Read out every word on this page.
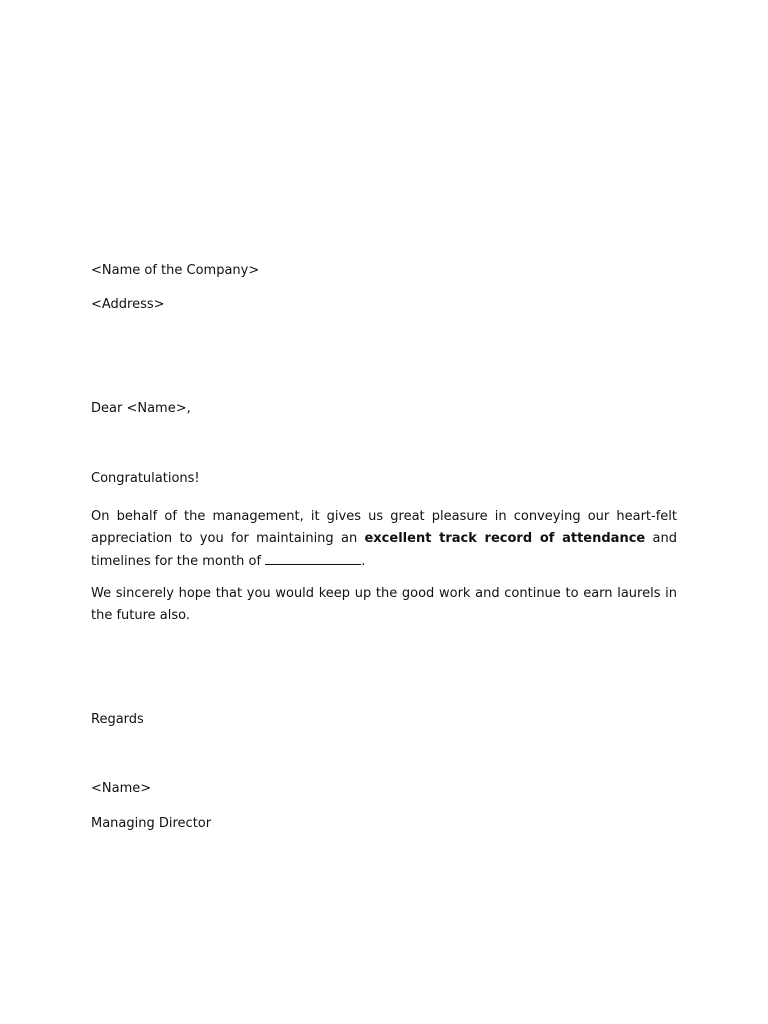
<Name of the Company>
<Address>
Dear <Name>,
Congratulations!
On behalf of the management, it gives us great pleasure in conveying our heart-felt appreciation to you for maintaining an excellent track record of attendance and timelines for the month of	.
We sincerely hope that you would keep up the good work and continue to earn laurels in the future also.
Regards
<Name>
Managing Director
